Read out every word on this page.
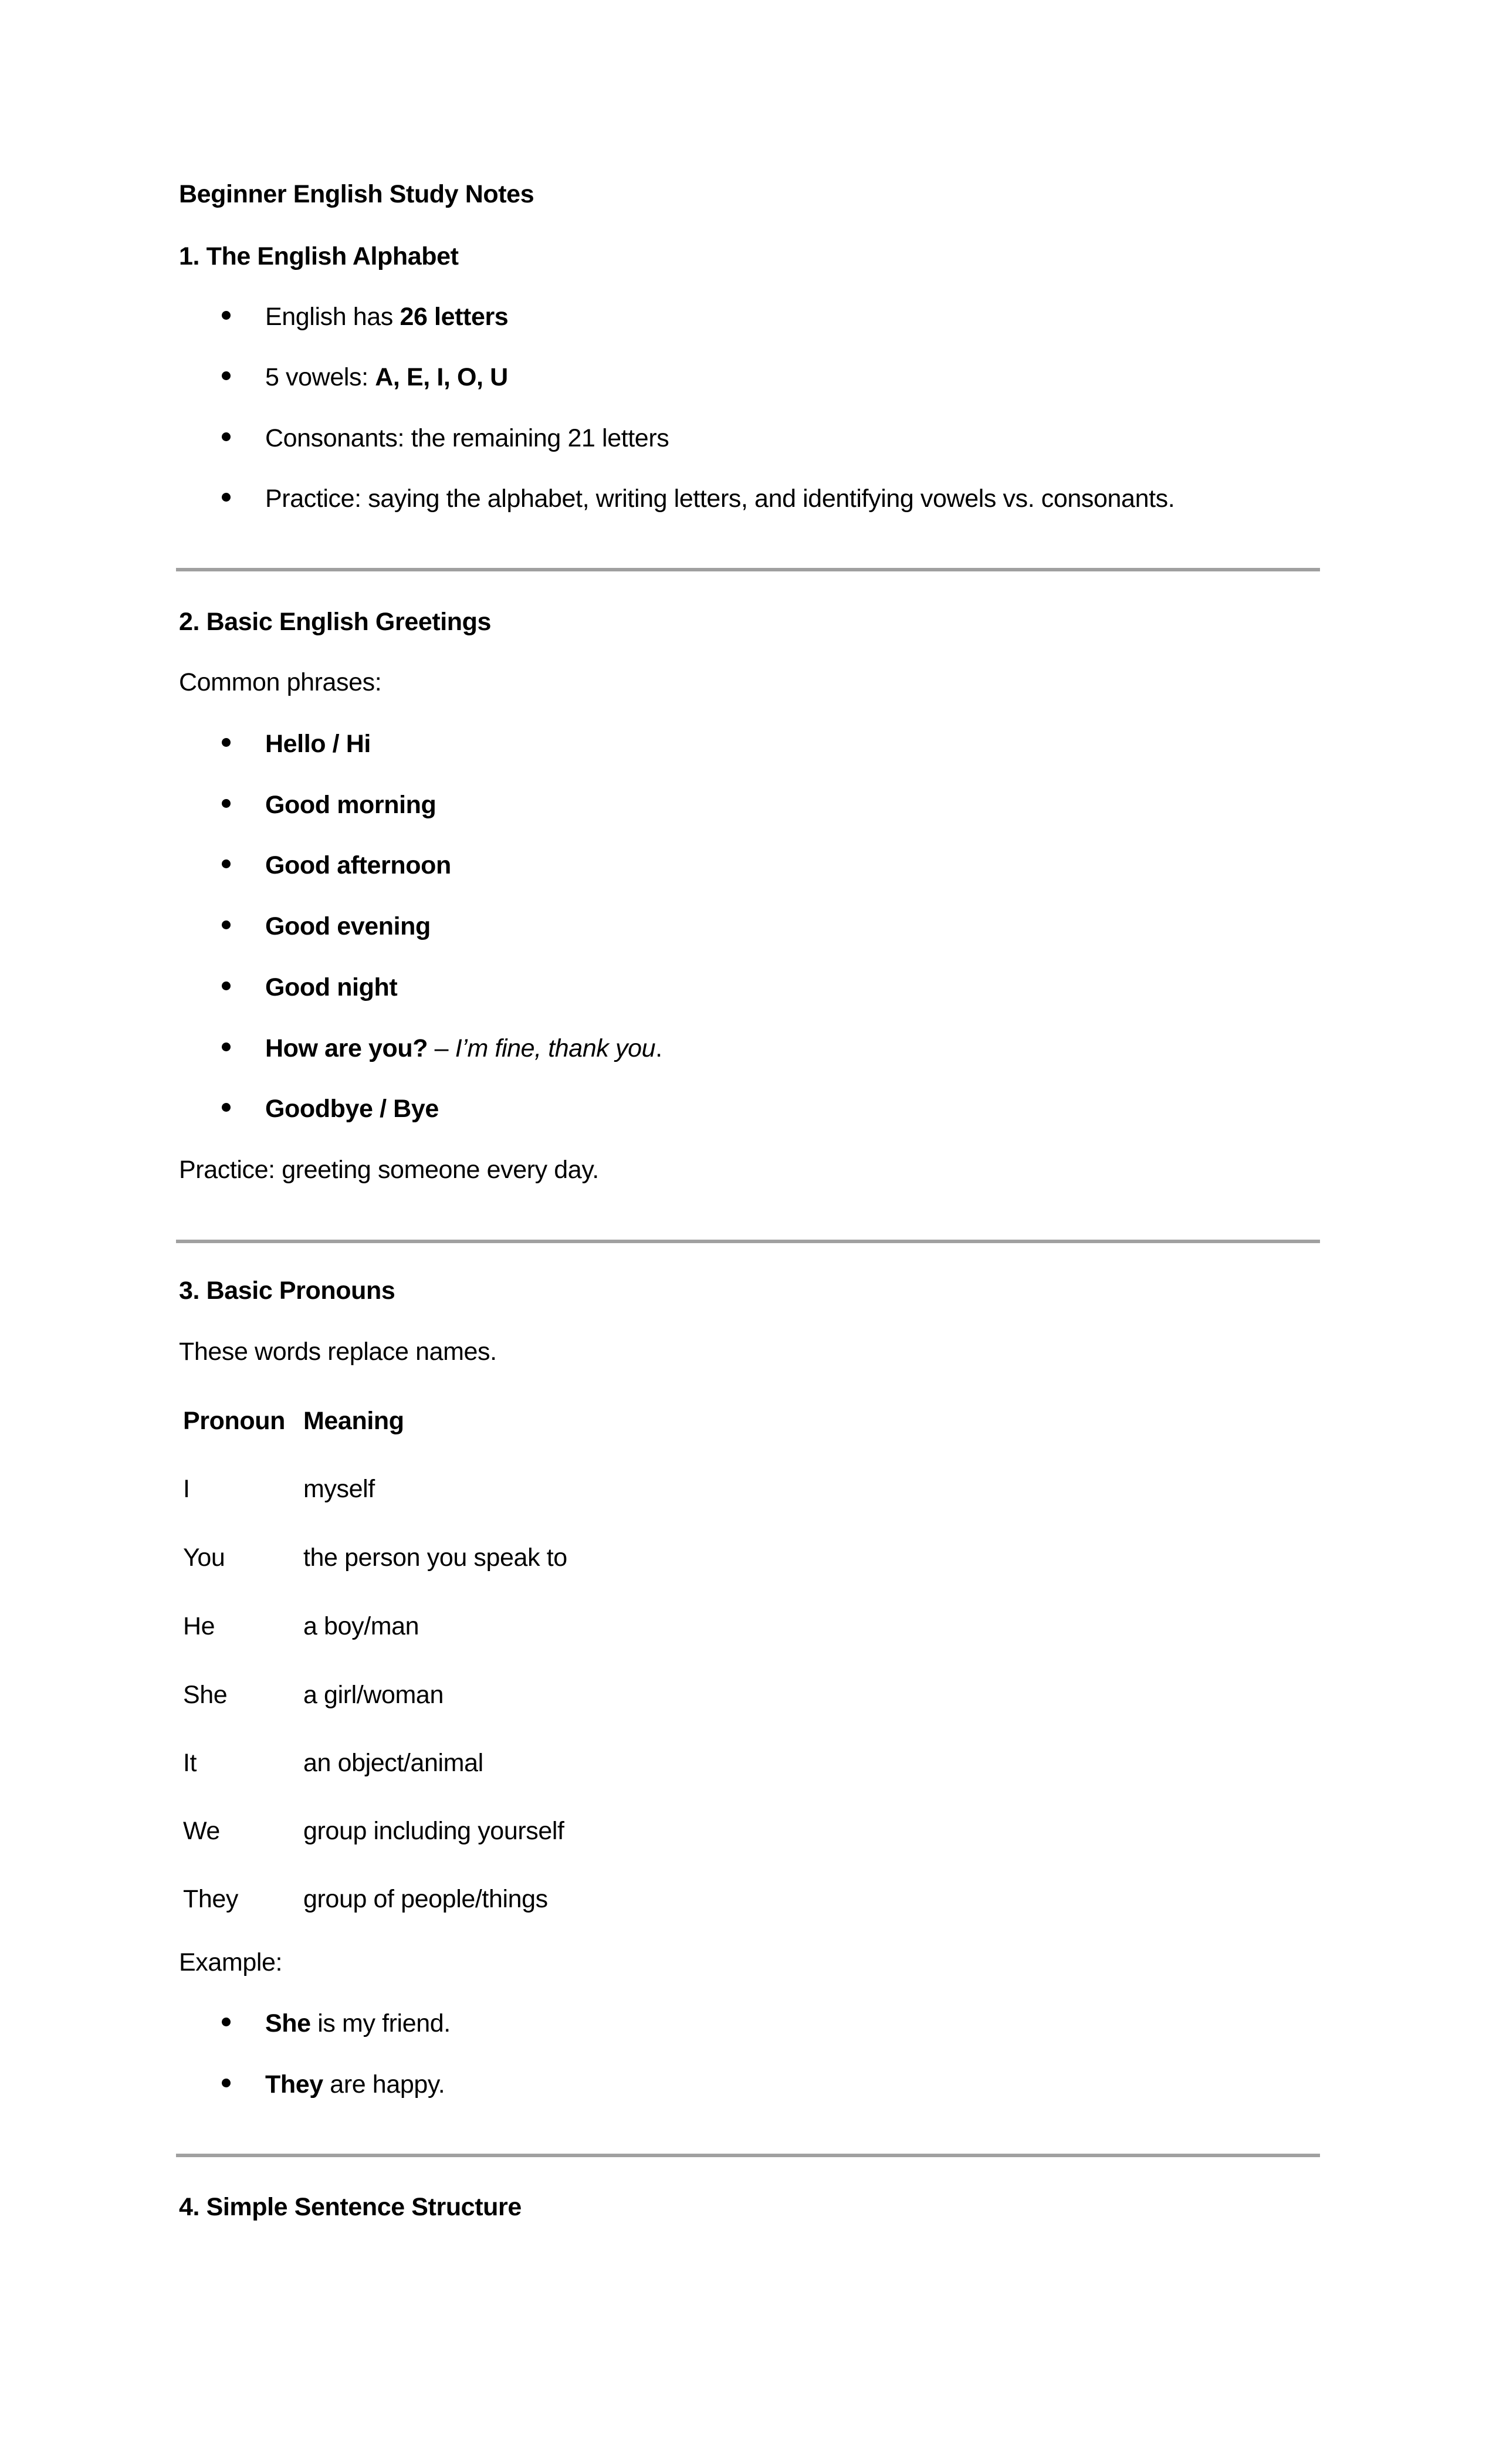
Beginner English Study Notes
1. The English Alphabet
English has 26 letters
5 vowels: A, E, I, O, U
Consonants: the remaining 21 letters
Practice: saying the alphabet, writing letters, and identifying vowels vs. consonants.
2. Basic English Greetings
Common phrases:
Hello / Hi
Good morning
Good afternoon
Good evening
Good night
How are you? – I’m fine, thank you.
Goodbye / Bye
Practice: greeting someone every day.
3. Basic Pronouns
These words replace names.
Pronoun Meaning
I	myself
You	the person you speak to
He	a boy/man
She	a girl/woman
It	an object/animal
We	group including yourself
They	group of people/things
Example:
She is my friend.
They are happy.
4. Simple Sentence Structure
